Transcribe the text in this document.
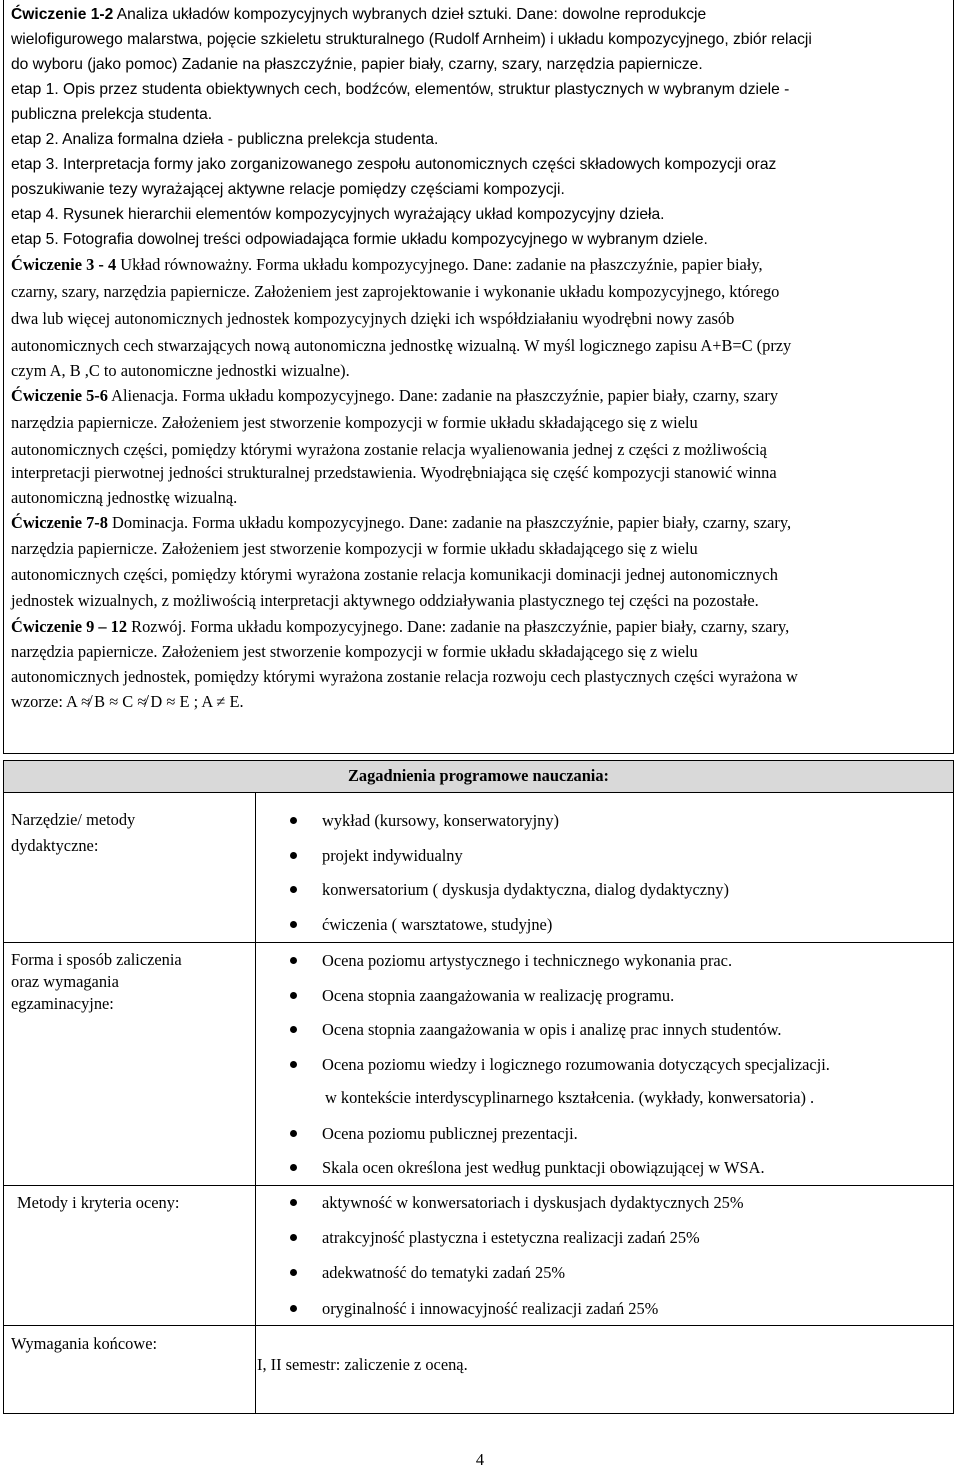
Ćwiczenie 1-2 Analiza układów kompozycyjnych wybranych dzieł sztuki. Dane: dowolne reprodukcje
wielofigurowego malarstwa, pojęcie szkieletu strukturalnego (Rudolf Arnheim) i układu kompozycyjnego, zbiór relacji
do wyboru (jako pomoc) Zadanie na płaszczyźnie, papier biały, czarny, szary, narzędzia papiernicze.
etap 1. Opis przez studenta obiektywnych cech, bodźców, elementów, struktur plastycznych w wybranym dziele -
publiczna prelekcja studenta.
etap 2. Analiza formalna dzieła - publiczna prelekcja studenta.
etap 3. Interpretacja formy jako zorganizowanego zespołu autonomicznych części składowych kompozycji oraz
poszukiwanie tezy wyrażającej aktywne relacje pomiędzy częściami kompozycji.
etap 4. Rysunek hierarchii elementów kompozycyjnych wyrażający układ kompozycyjny dzieła.
etap 5. Fotografia dowolnej treści odpowiadająca formie układu kompozycyjnego w wybranym dziele.
Ćwiczenie 3 - 4 Układ równoważny. Forma układu kompozycyjnego. Dane: zadanie na płaszczyźnie, papier biały,
czarny, szary, narzędzia papiernicze. Założeniem jest zaprojektowanie i wykonanie układu kompozycyjnego, którego
dwa lub więcej autonomicznych jednostek kompozycyjnych dzięki ich współdziałaniu wyodrębni nowy zasób
autonomicznych cech stwarzających nową autonomiczna jednostkę wizualną. W myśl logicznego zapisu A+B=C (przy
czym A, B ,C to autonomiczne jednostki wizualne).
Ćwiczenie 5-6 Alienacja. Forma układu kompozycyjnego. Dane: zadanie na płaszczyźnie, papier biały, czarny, szary
narzędzia papiernicze. Założeniem jest stworzenie kompozycji w formie układu składającego się z wielu
autonomicznych części, pomiędzy którymi wyrażona zostanie relacja wyalienowania jednej z części z możliwością
interpretacji pierwotnej jedności strukturalnej przedstawienia. Wyodrębniająca się część kompozycji stanowić winna
autonomiczną jednostkę wizualną.
Ćwiczenie 7-8 Dominacja. Forma układu kompozycyjnego. Dane: zadanie na płaszczyźnie, papier biały, czarny, szary,
narzędzia papiernicze. Założeniem jest stworzenie kompozycji w formie układu składającego się z wielu
autonomicznych części, pomiędzy którymi wyrażona zostanie relacja komunikacji dominacji jednej autonomicznych
jednostek wizualnych, z możliwością interpretacji aktywnego oddziaływania plastycznego tej części na pozostałe.
Ćwiczenie 9 – 12 Rozwój. Forma układu kompozycyjnego. Dane: zadanie na płaszczyźnie, papier biały, czarny, szary,
narzędzia papiernicze. Założeniem jest stworzenie kompozycji w formie układu składającego się z wielu
autonomicznych jednostek, pomiędzy którymi wyrażona zostanie relacja rozwoju cech plastycznych części wyrażona w
wzorze: A ≉ B ≈ C ≉ D ≈ E ; A ≠ E.
Zagadnienia programowe nauczania:
Narzędzie/ metody
dydaktyczne:
wykład (kursowy, konserwatoryjny)
projekt indywidualny
konwersatorium ( dyskusja dydaktyczna, dialog dydaktyczny)
ćwiczenia ( warsztatowe, studyjne)
Forma i sposób zaliczenia
oraz wymagania
egzaminacyjne:
Ocena poziomu artystycznego i technicznego wykonania prac.
Ocena stopnia zaangażowania w realizację programu.
Ocena stopnia zaangażowania w opis i analizę prac innych studentów.
Ocena poziomu wiedzy i logicznego rozumowania dotyczących specjalizacji.
w kontekście interdyscyplinarnego kształcenia. (wykłady, konwersatoria) .
Ocena poziomu publicznej prezentacji.
Skala ocen określona jest według punktacji obowiązującej w WSA.
Metody i kryteria oceny:	aktywność w konwersatoriach i dyskusjach dydaktycznych 25%
atrakcyjność plastyczna i estetyczna realizacji zadań 25%
adekwatność do tematyki zadań 25%
oryginalność i innowacyjność realizacji zadań 25%
Wymagania końcowe:
I, II semestr: zaliczenie z oceną.
4
